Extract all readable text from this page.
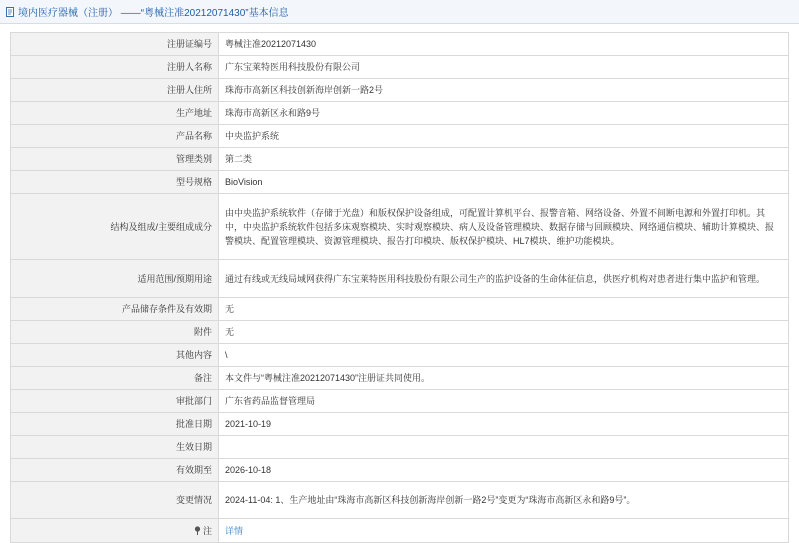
境内医疗器械（注册） ——“粤械注准20212071430”基本信息
注册证编号	粤械注准20212071430
注册人名称	广东宝莱特医用科技股份有限公司
注册人住所	珠海市高新区科技创新海岸创新一路2号
生产地址	珠海市高新区永和路9号
产品名称	中央监护系统
管理类别	第二类
型号规格	BioVision
结构及组成/主要组成成分	由中央监护系统软件（存储于光盘）和版权保护设备组成，可配置计算机平台、报警音箱、网络设备、外置不间断电源和外置打印机。其中，中央监护系统软件包括多床观察模块、实时观察模块、病人及设备管理模块、数据存储与回顾模块、网络通信模块、辅助计算模块、报警模块、配置管理模块、资源管理模块、报告打印模块、版权保护模块、HL7模块、维护功能模块。
适用范围/预期用途	通过有线或无线局域网获得广东宝莱特医用科技股份有限公司生产的监护设备的生命体征信息，供医疗机构对患者进行集中监护和管理。
产品储存条件及有效期	无
附件	无
其他内容	\
备注	本文件与“粤械注准20212071430”注册证共同使用。
审批部门	广东省药品监督管理局
批准日期	2021-10-19
生效日期	
有效期至	2026-10-18
变更情况	2024-11-04: 1、生产地址由“珠海市高新区科技创新海岸创新一路2号”变更为“珠海市高新区永和路9号”。
注	详情
